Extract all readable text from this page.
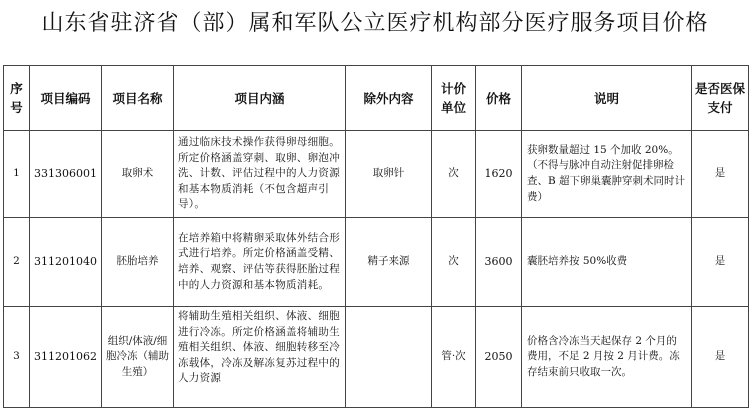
山东省驻济省（部）属和军队公立医疗机构部分医疗服务项目价格
序号	项目编码	项目名称	项目内涵	除外内容	计价单位	价格	说明	是否医保支付
1	331306001	取卵术	通过临床技术操作获得卵母细胞。所定价格涵盖穿刺、取卵、卵泡冲洗、计数、评估过程中的人力资源和基本物质消耗（不包含超声引导）。	取卵针	次	1620	获卵数量超过 15 个加收 20%。（不得与脉冲自动注射促排卵检查、B 超下卵巢囊肿穿刺术同时计费）	是
2	311201040	胚胎培养	在培养箱中将精卵采取体外结合形式进行培养。所定价格涵盖受精、培养、观察、评估等获得胚胎过程中的人力资源和基本物质消耗。	精子来源	次	3600	囊胚培养按 50%收费	是
3	311201062	组织/体液/细胞冷冻（辅助生殖）	将辅助生殖相关组织、体液、细胞进行冷冻。所定价格涵盖将辅助生殖相关组织、体液、细胞转移至冷冻载体，冷冻及解冻复苏过程中的人力资源		管·次	2050	价格含冷冻当天起保存 2 个月的费用，不足 2 月按 2 月计费。冻存结束前只收取一次。	是
